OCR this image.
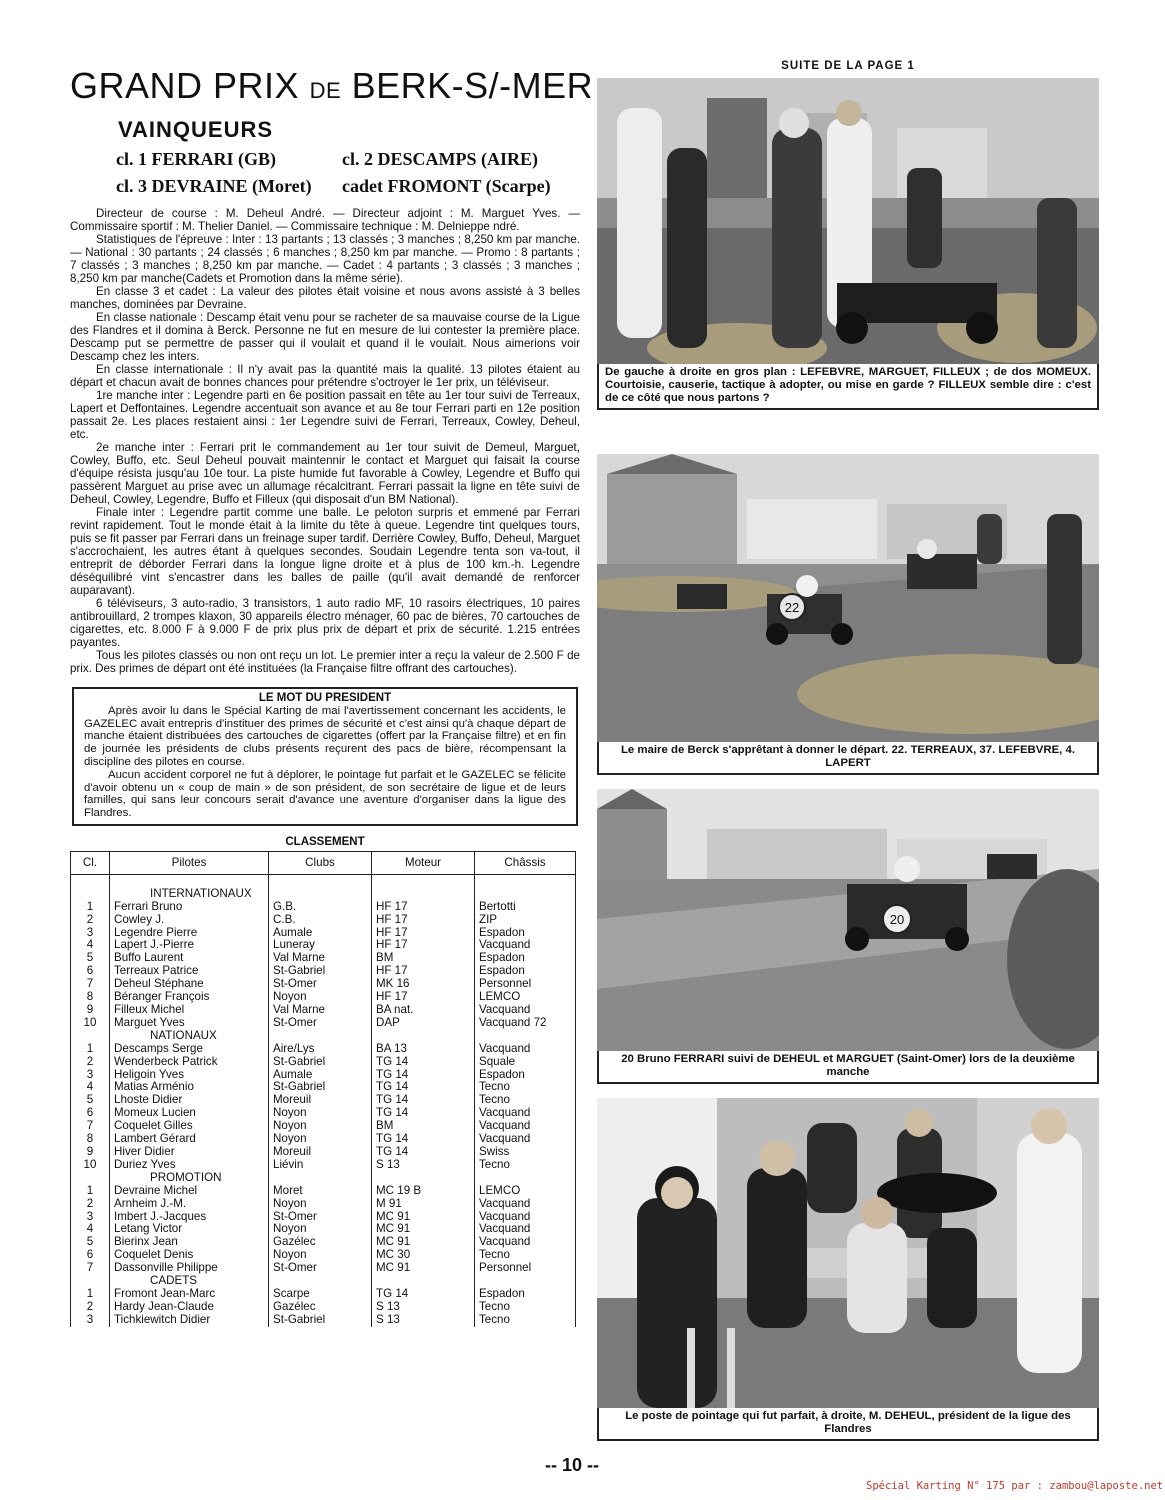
GRAND PRIX DE BERK-S/-MER
VAINQUEURS
cl. 1 FERRARI (GB)	cl. 2 DESCAMPS (AIRE)
cl. 3 DEVRAINE (Moret)	cadet FROMONT (Scarpe)

Directeur de course : M. Deheul André. — Directeur adjoint : M. Marguet Yves. — Commissaire sportif : M. Thelier Daniel. — Commissaire technique : M. Delnieppe ndré.

Statistiques de l'épreuve : Inter : 13 partants ; 13 classés ; 3 manches ; 8,250 km par manche. — National : 30 partants ; 24 classés ; 6 manches ; 8,250 km par manche. — Promo : 8 partants ; 7 classés ; 3 manches ; 8,250 km par manche. — Cadet : 4 partants ; 3 classés ; 3 manches ; 8,250 km par manche(Cadets et Promotion dans la même série).

En classe 3 et cadet : La valeur des pilotes était voisine et nous avons assisté à 3 belles manches, dominées par Devraine.

En classe nationale : Descamp était venu pour se racheter de sa mauvaise course de la Ligue des Flandres et il domina à Berck. Personne ne fut en mesure de lui contester la première place. Descamp put se permettre de passer qui il voulait et quand il le voulait. Nous aimerions voir Descamp chez les inters.

En classe internationale : Il n'y avait pas la quantité mais la qualité. 13 pilotes étaient au départ et chacun avait de bonnes chances pour prétendre s'octroyer le 1er prix, un téléviseur.

1re manche inter : Legendre parti en 6e position passait en tête au 1er tour suivi de Terreaux, Lapert et Deffontaines. Legendre accentuait son avance et au 8e tour Ferrari parti en 12e position passait 2e. Les places restaient ainsi : 1er Legendre suivi de Ferrari, Terreaux, Cowley, Deheul, etc.

2e manche inter : Ferrari prit le commandement au 1er tour suivit de Demeul, Marguet, Cowley, Buffo, etc. Seul Deheul pouvait maintennir le contact et Marguet qui faisait la course d'équipe résista jusqu'au 10e tour. La piste humide fut favorable à Cowley, Legendre et Buffo qui passèrent Marguet au prise avec un allumage récalcitrant. Ferrari passait la ligne en tête suivi de Deheul, Cowley, Legendre, Buffo et Filleux (qui disposait d'un BM National).

Finale inter : Legendre partit comme une balle. Le peloton surpris et emmené par Ferrari revint rapidement. Tout le monde était à la limite du tête à queue. Legendre tint quelques tours, puis se fit passer par Ferrari dans un freinage super tardif. Derrière Cowley, Buffo, Deheul, Marguet s'accrochaient, les autres étant à quelques secondes. Soudain Legendre tenta son va-tout, il entreprit de déborder Ferrari dans la longue ligne droite et à plus de 100 km.-h. Legendre déséquilibré vint s'encastrer dans les balles de paille (qu'il avait demandé de renforcer auparavant).

6 téléviseurs, 3 auto-radio, 3 transistors, 1 auto radio MF, 10 rasoirs électriques, 10 paires antibrouillard, 2 trompes klaxon, 30 appareils électro ménager, 60 pac de bières, 70 cartouches de cigarettes, etc. 8.000 F à 9.000 F de prix plus prix de départ et prix de sécurité. 1.215 entrées payantes.

Tous les pilotes classés ou non ont reçu un lot. Le premier inter a reçu la valeur de 2.500 F de prix. Des primes de départ ont été instituées (la Française filtre offrant des cartouches).

LE MOT DU PRESIDENT

Après avoir lu dans le Spécial Karting de mai l'avertissement concernant les accidents, le GAZELEC avait entrepris d'instituer des primes de sécurité et c'est ainsi qu'à chaque départ de manche étaient distribuées des cartouches de cigarettes (offert par la Française filtre) et en fin de journée les présidents de clubs présents reçurent des pacs de bière, récompensant la discipline des pilotes en course.

Aucun accident corporel ne fut à déplorer, le pointage fut parfait et le GAZELEC se félicite d'avoir obtenu un « coup de main » de son président, de son secrétaire de ligue et de leurs familles, qui sans leur concours serait d'avance une aventure d'organiser dans la ligue des Flandres.

CLASSEMENT
Cl.	Pilotes	Clubs	Moteur	Châssis

	INTERNATIONAUX			
1	Ferrari Bruno	G.B.	HF 17	Bertotti
2	Cowley J.	C.B.	HF 17	ZIP
3	Legendre Pierre	Aumale	HF 17	Espadon
4	Lapert J.-Pierre	Luneray	HF 17	Vacquand
5	Buffo Laurent	Val Marne	BM	Espadon
6	Terreaux Patrice	St-Gabriel	HF 17	Espadon
7	Deheul Stéphane	St-Omer	MK 16	Personnel
8	Béranger François	Noyon	HF 17	LEMCO
9	Filleux Michel	Val Marne	BA nat.	Vacquand
10	Marguet Yves	St-Omer	DAP	Vacquand 72
	NATIONAUX			
1	Descamps Serge	Aire/Lys	BA 13	Vacquand
2	Wenderbeck Patrick	St-Gabriel	TG 14	Squale
3	Heligoin Yves	Aumale	TG 14	Espadon
4	Matias Arménio	St-Gabriel	TG 14	Tecno
5	Lhoste Didier	Moreuil	TG 14	Tecno
6	Momeux Lucien	Noyon	TG 14	Vacquand
7	Coquelet Gilles	Noyon	BM	Vacquand
8	Lambert Gérard	Noyon	TG 14	Vacquand
9	Hiver Didier	Moreuil	TG 14	Swiss
10	Duriez Yves	Liévin	S 13	Tecno
	PROMOTION			
1	Devraine Michel	Moret	MC 19 B	LEMCO
2	Arnheim J.-M.	Noyon	M 91	Vacquand
3	Imbert J.-Jacques	St-Omer	MC 91	Vacquand
4	Letang Victor	Noyon	MC 91	Vacquand
5	Bierinx Jean	Gazélec	MC 91	Vacquand
6	Coquelet Denis	Noyon	MC 30	Tecno
7	Dassonville Philippe	St-Omer	MC 91	Personnel
	CADETS			
1	Fromont Jean-Marc	Scarpe	TG 14	Espadon
2	Hardy Jean-Claude	Gazélec	S 13	Tecno
3	Tichkiewitch Didier	St-Gabriel	S 13	Tecno
SUITE DE LA PAGE 1
De gauche à droite en gros plan : LEFEBVRE, MARGUET, FILLEUX ; de dos MOMEUX. Courtoisie, causerie, tactique à adopter, ou mise en garde ? FILLEUX semble dire : c'est de ce côté que nous partons ?
22
Le maire de Berck s'apprêtant à donner le départ. 22. TERREAUX, 37. LEFEBVRE, 4. LAPERT
20
20 Bruno FERRARI suivi de DEHEUL et MARGUET (Saint-Omer) lors de la deuxième manche
Le poste de pointage qui fut parfait, à droite, M. DEHEUL, président de la ligue des Flandres
-- 10 --
Spécial Karting N° 175 par : zambou@laposte.net
